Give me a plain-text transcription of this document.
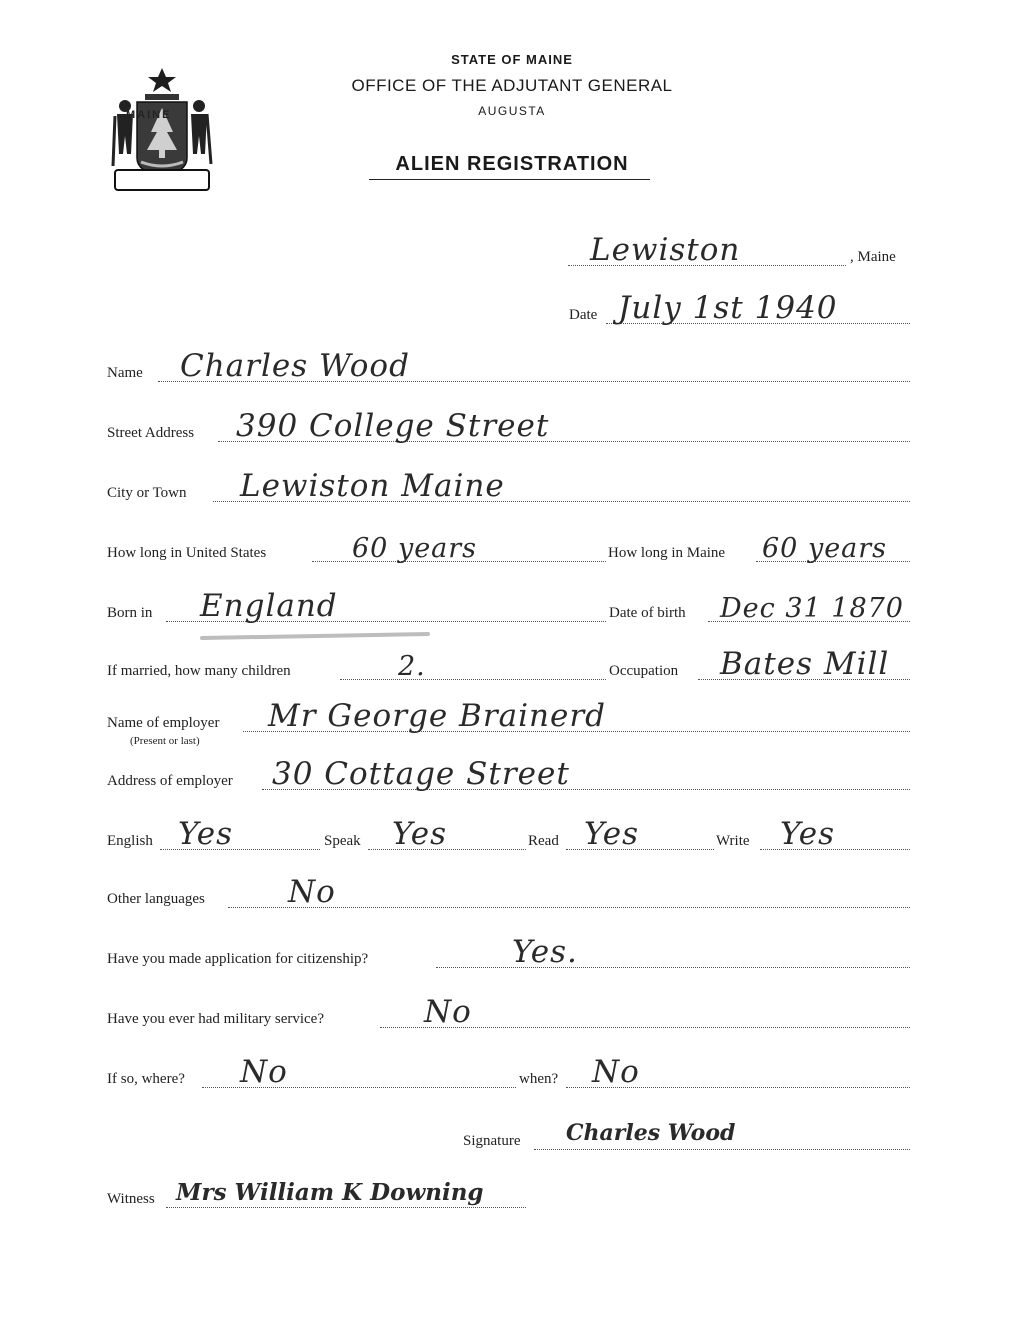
MAINE
STATE OF MAINE
OFFICE OF THE ADJUTANT GENERAL
AUGUSTA
ALIEN REGISTRATION
Lewiston	, Maine
Date July 1st 1940
Name Charles Wood
Street Address 390 College Street
City or Town Lewiston Maine
How long in United States	60 years	How long in Maine 60 years
Born in England	Date of birth Dec 31 1870
If married, how many children	2.	Occupation Bates Mill
Name of employer Mr George Brainerd
(Present or last)
Address of employer 30 Cottage Street
English Yes	Speak Yes	Read Yes	Write Yes
Other languages	No
Have you made application for citizenship?	Yes.
Have you ever had military service?	No
If so, where? No	when? No
Signature Charles Wood
Witness Mrs William K Downing
